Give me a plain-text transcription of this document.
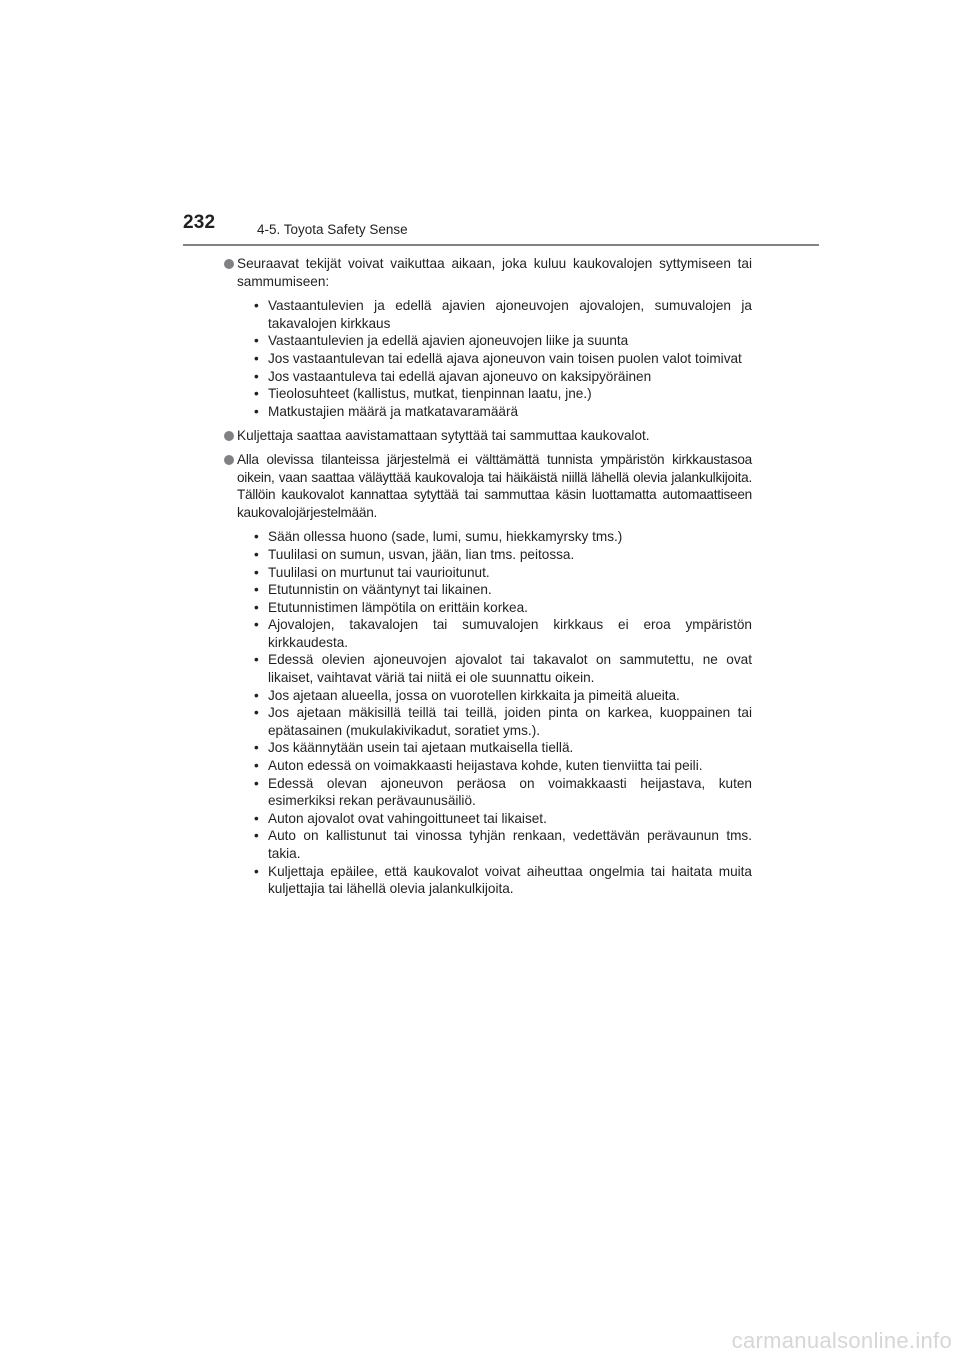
232	4-5. Toyota Safety Sense
Seuraavat tekijät voivat vaikuttaa aikaan, joka kuluu kaukovalojen syttymiseen tai sammumiseen:
• Vastaantulevien ja edellä ajavien ajoneuvojen ajovalojen, sumuvalojen ja takavalojen kirkkaus
• Vastaantulevien ja edellä ajavien ajoneuvojen liike ja suunta
• Jos vastaantulevan tai edellä ajava ajoneuvon vain toisen puolen valot toimivat
• Jos vastaantuleva tai edellä ajavan ajoneuvo on kaksipyöräinen
• Tieolosuhteet (kallistus, mutkat, tienpinnan laatu, jne.)
• Matkustajien määrä ja matkatavaramäärä
Kuljettaja saattaa aavistamattaan sytyttää tai sammuttaa kaukovalot.
Alla olevissa tilanteissa järjestelmä ei välttämättä tunnista ympäristön kirkkaustasoa oikein, vaan saattaa väläyttää kaukovaloja tai häikäistä niillä lähellä olevia jalankulkijoita. Tällöin kaukovalot kannattaa sytyttää tai sammuttaa käsin luottamatta automaattiseen kaukovalojärjestelmään.
• Sään ollessa huono (sade, lumi, sumu, hiekkamyrsky tms.)
• Tuulilasi on sumun, usvan, jään, lian tms. peitossa.
• Tuulilasi on murtunut tai vaurioitunut.
• Etutunnistin on vääntynyt tai likainen.
• Etutunnistimen lämpötila on erittäin korkea.
• Ajovalojen, takavalojen tai sumuvalojen kirkkaus ei eroa ympäristön kirkkaudesta.
• Edessä olevien ajoneuvojen ajovalot tai takavalot on sammutettu, ne ovat likaiset, vaihtavat väriä tai niitä ei ole suunnattu oikein.
• Jos ajetaan alueella, jossa on vuorotellen kirkkaita ja pimeitä alueita.
• Jos ajetaan mäkisillä teillä tai teillä, joiden pinta on karkea, kuoppainen tai epätasainen (mukulakivikadut, soratiet yms.).
• Jos käännytään usein tai ajetaan mutkaisella tiellä.
• Auton edessä on voimakkaasti heijastava kohde, kuten tienviitta tai peili.
• Edessä olevan ajoneuvon peräosa on voimakkaasti heijastava, kuten esimerkiksi rekan perävaunusäiliö.
• Auton ajovalot ovat vahingoittuneet tai likaiset.
• Auto on kallistunut tai vinossa tyhjän renkaan, vedettävän perävaunun tms. takia.
• Kuljettaja epäilee, että kaukovalot voivat aiheuttaa ongelmia tai haitata muita kuljettajia tai lähellä olevia jalankulkijoita.
carmanualsonline.info
